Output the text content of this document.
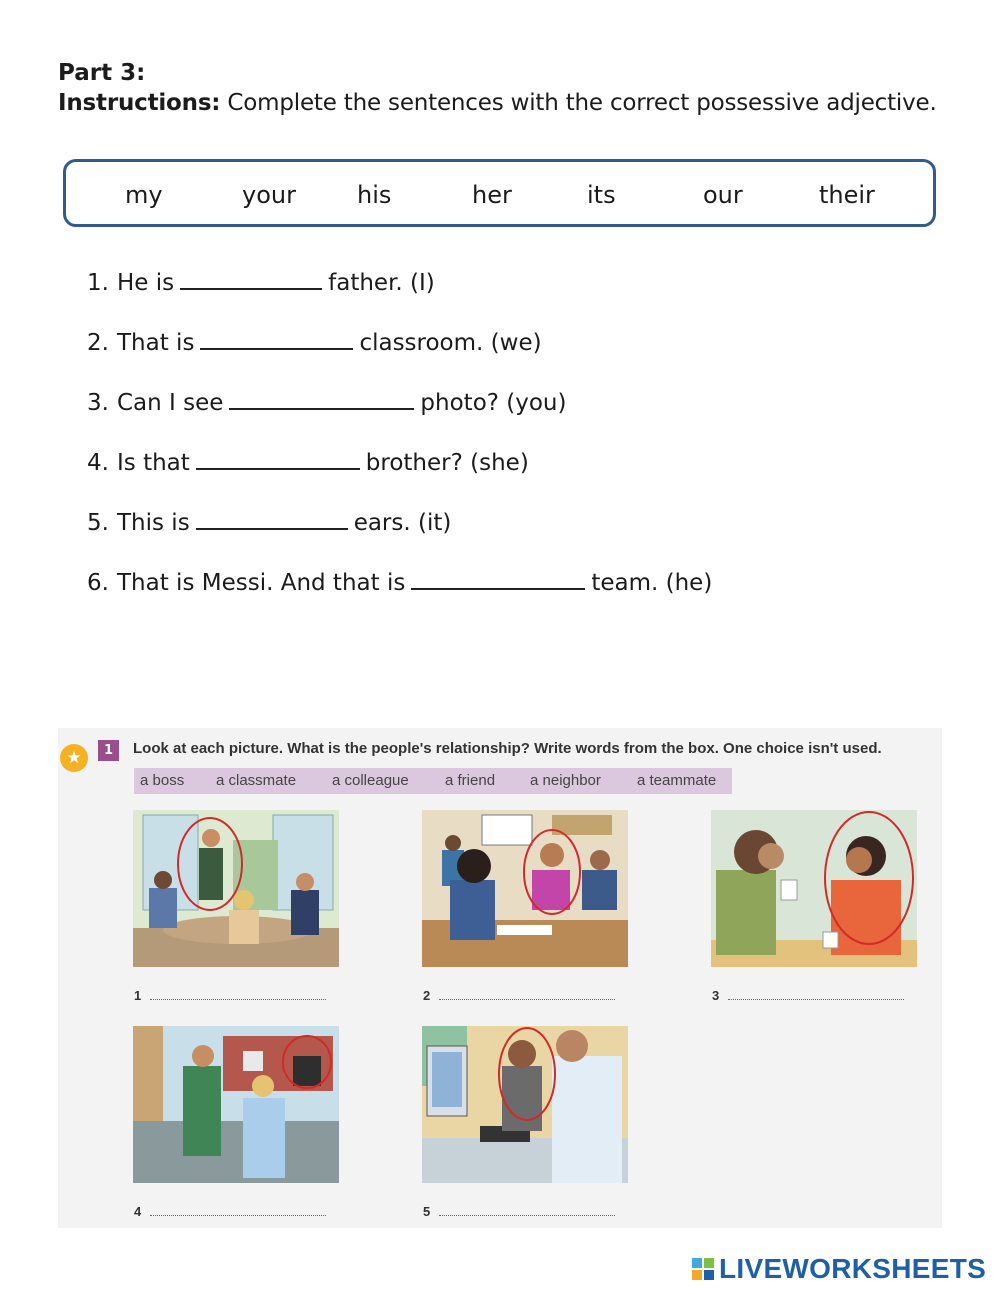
Part 3:
Instructions: Complete the sentences with the correct possessive adjective.
my	your	his	her	its	our	their
1. He is	father. (I)
2. That is	classroom. (we)
3. Can I see	photo? (you)
4. Is that	brother? (she)
5. This is	ears. (it)
6. That is Messi. And that is	team. (he)
★	1	Look at each picture. What is the people's relationship? Write words from the box. One choice isn't used.
a boss a classmate a colleague a friend a neighbor a teammate
1	2	3
4	5
LIVEWORKSHEETS
